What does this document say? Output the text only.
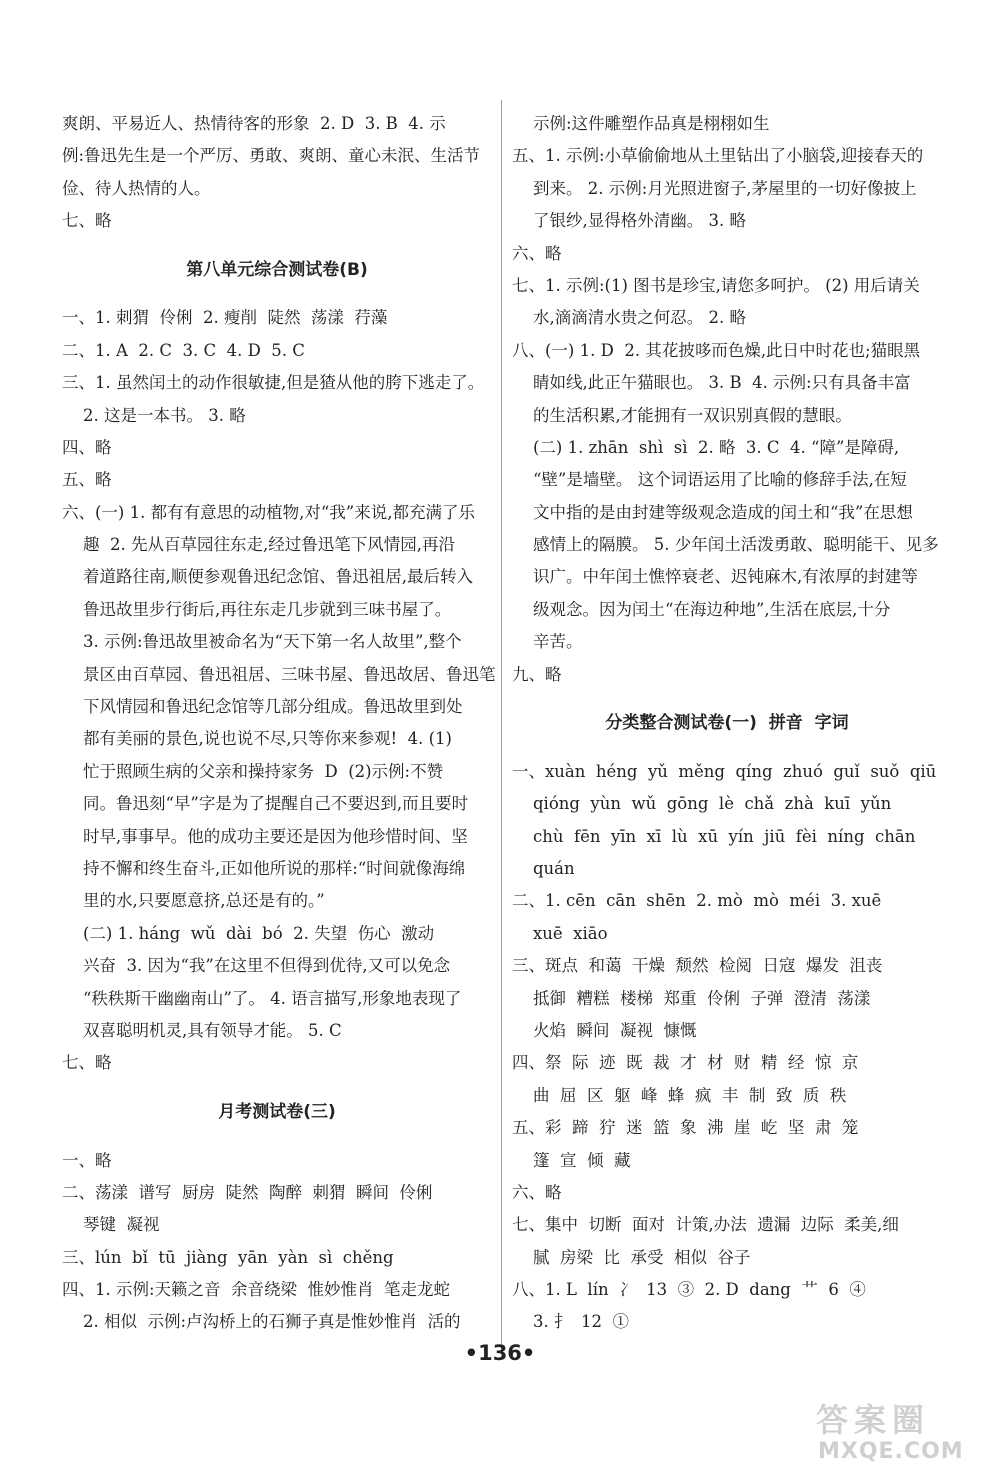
爽朗、平易近人、热情待客的形象  2. D  3. B  4. 示
例:鲁迅先生是一个严厉、勇敢、爽朗、童心未泯、生活节
俭、待人热情的人。
七、略
第八单元综合测试卷(B)
一、1. 刺猬  伶俐  2. 瘦削  陡然  荡漾  荇藻
二、1. A  2. C  3. C  4. D  5. C
三、1. 虽然闰土的动作很敏捷,但是猹从他的胯下逃走了。
2. 这是一本书。 3. 略
四、略
五、略
六、(一) 1. 都有有意思的动植物,对“我”来说,都充满了乐
趣  2. 先从百草园往东走,经过鲁迅笔下风情园,再沿
着道路往南,顺便参观鲁迅纪念馆、鲁迅祖居,最后转入
鲁迅故里步行街后,再往东走几步就到三味书屋了。
3. 示例:鲁迅故里被命名为“天下第一名人故里”,整个
景区由百草园、鲁迅祖居、三味书屋、鲁迅故居、鲁迅笔
下风情园和鲁迅纪念馆等几部分组成。鲁迅故里到处
都有美丽的景色,说也说不尽,只等你来参观!  4. (1)
忙于照顾生病的父亲和操持家务  D  (2)示例:不赞
同。鲁迅刻“早”字是为了提醒自己不要迟到,而且要时
时早,事事早。他的成功主要还是因为他珍惜时间、坚
持不懈和终生奋斗,正如他所说的那样:“时间就像海绵
里的水,只要愿意挤,总还是有的。”
(二) 1. háng  wǔ  dài  bó  2. 失望  伤心  激动
兴奋  3. 因为“我”在这里不但得到优待,又可以免念
“秩秩斯干幽幽南山”了。 4. 语言描写,形象地表现了
双喜聪明机灵,具有领导才能。 5. C
七、略
月考测试卷(三)
一、略
二、荡漾  谱写  厨房  陡然  陶醉  刺猬  瞬间  伶俐
琴键  凝视
三、lún  bǐ  tū  jiàng  yān  yàn  sì  chěng
四、1. 示例:天籁之音  余音绕梁  惟妙惟肖  笔走龙蛇
2. 相似  示例:卢沟桥上的石狮子真是惟妙惟肖  活的
示例:这件雕塑作品真是栩栩如生
五、1. 示例:小草偷偷地从土里钻出了小脑袋,迎接春天的
到来。 2. 示例:月光照进窗子,茅屋里的一切好像披上
了银纱,显得格外清幽。 3. 略
六、略
七、1. 示例:(1) 图书是珍宝,请您多呵护。 (2) 用后请关
水,滴滴清水贵之何忍。 2. 略
八、(一) 1. D  2. 其花披哆而色燥,此日中时花也;猫眼黑
睛如线,此正午猫眼也。 3. B  4. 示例:只有具备丰富
的生活积累,才能拥有一双识别真假的慧眼。
(二) 1. zhān  shì  sì  2. 略  3. C  4. “障”是障碍,
“壁”是墙壁。 这个词语运用了比喻的修辞手法,在短
文中指的是由封建等级观念造成的闰土和“我”在思想
感情上的隔膜。 5. 少年闰土活泼勇敢、聪明能干、见多
识广。中年闰土憔悴衰老、迟钝麻木,有浓厚的封建等
级观念。因为闰土“在海边种地”,生活在底层,十分
辛苦。
九、略
分类整合测试卷(一)  拼音  字词
一、xuàn  héng  yǔ  měng  qíng  zhuó  guǐ  suǒ  qiū
qióng  yùn  wǔ  gōng  lè  chǎ  zhà  kuī  yǔn
chù  fēn  yīn  xī  lù  xū  yín  jiū  fèi  níng  chān
quán
二、1. cēn  cān  shēn  2. mò  mò  méi  3. xuē
xuē  xiāo
三、斑点  和蔼  干燥  颓然  检阅  日寇  爆发  沮丧
抵御  糟糕  楼梯  郑重  伶俐  子弹  澄清  荡漾
火焰  瞬间  凝视  慷慨
四、祭  际  迹  既  裁  才  材  财  精  经  惊  京
曲  屈  区  躯  峰  蜂  疯  丰  制  致  质  秩
五、彩  蹄  狞  迷  篮  象  沸  崖  屹  坚  肃  笼
篷  宣  倾  藏
六、略
七、集中  切断  面对  计策,办法  遗漏  边际  柔美,细
腻  房梁  比  承受  相似  谷子
八、1. L  lín  冫  13  ③  2. D  dang  艹  6  ④
3. 扌  12  ①
•136•
答案圈
MXQE.COM
